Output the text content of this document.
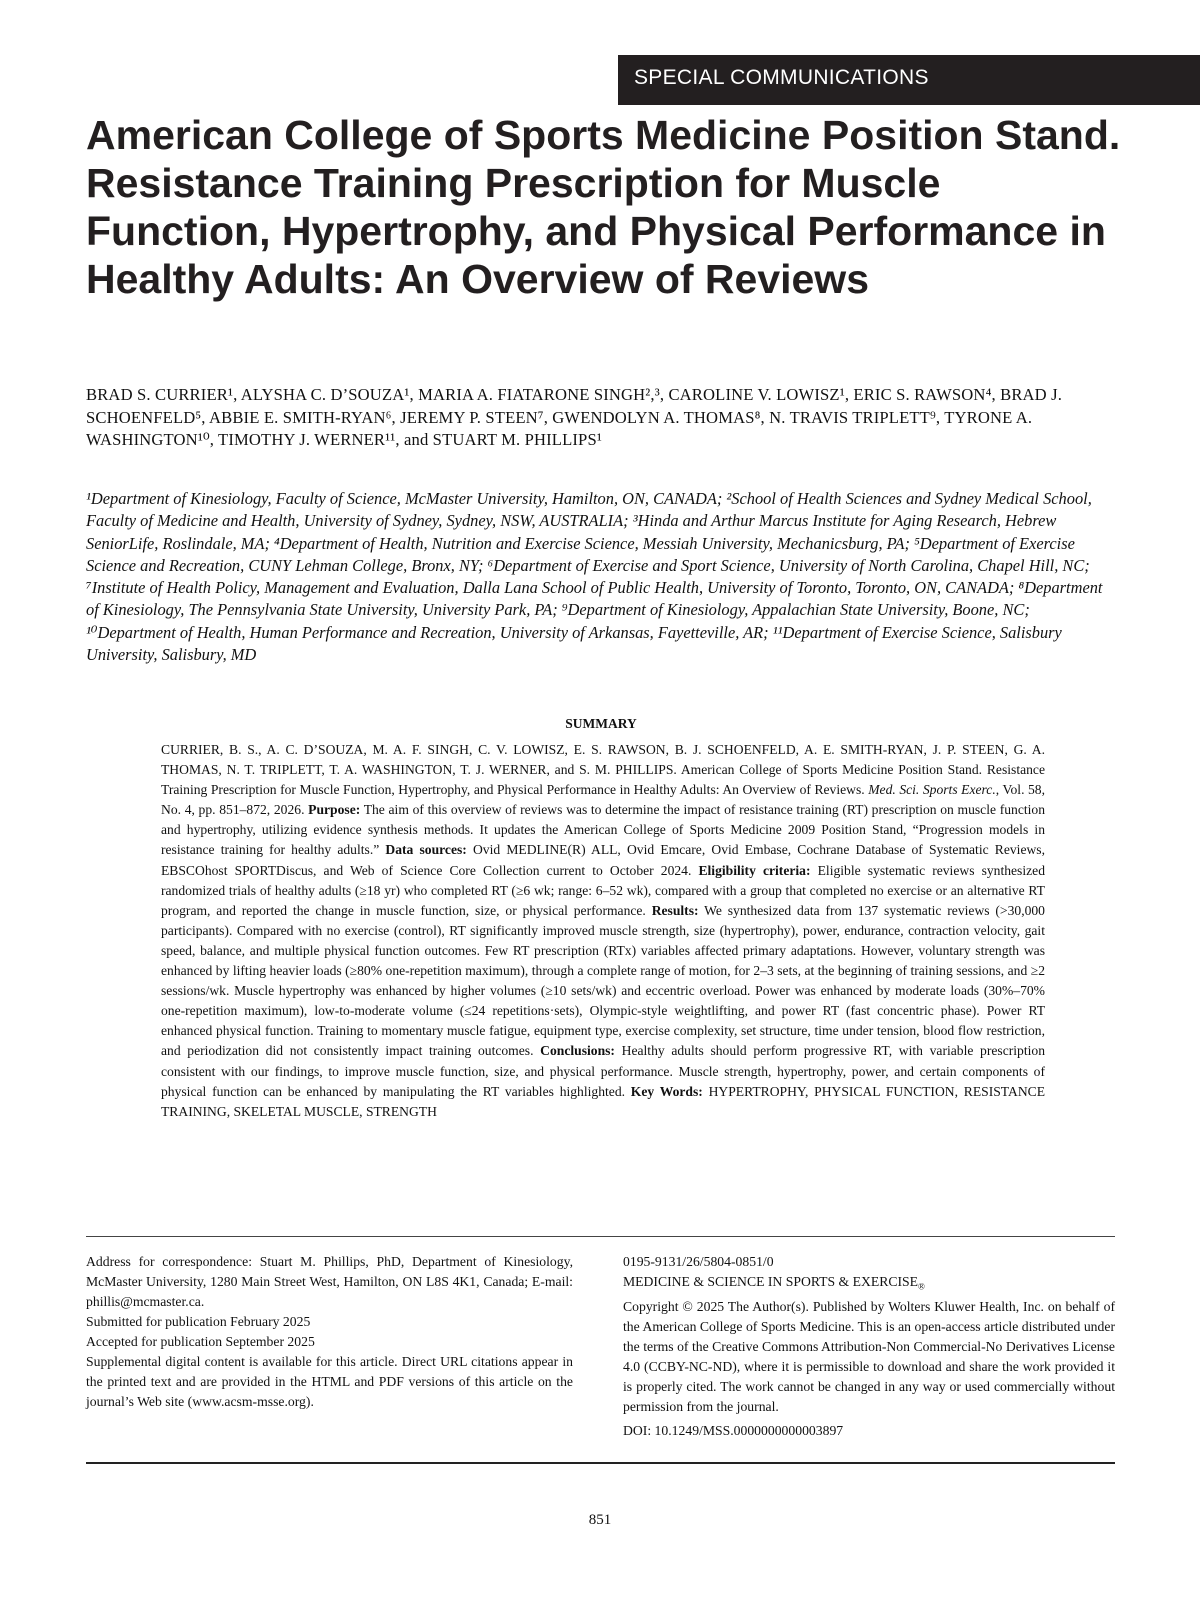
SPECIAL COMMUNICATIONS
American College of Sports Medicine Position Stand. Resistance Training Prescription for Muscle Function, Hypertrophy, and Physical Performance in Healthy Adults: An Overview of Reviews
BRAD S. CURRIER¹, ALYSHA C. D’SOUZA¹, MARIA A. FIATARONE SINGH²,³, CAROLINE V. LOWISZ¹, ERIC S. RAWSON⁴, BRAD J. SCHOENFELD⁵, ABBIE E. SMITH-RYAN⁶, JEREMY P. STEEN⁷, GWENDOLYN A. THOMAS⁸, N. TRAVIS TRIPLETT⁹, TYRONE A. WASHINGTON¹⁰, TIMOTHY J. WERNER¹¹, and STUART M. PHILLIPS¹
¹Department of Kinesiology, Faculty of Science, McMaster University, Hamilton, ON, CANADA; ²School of Health Sciences and Sydney Medical School, Faculty of Medicine and Health, University of Sydney, Sydney, NSW, AUSTRALIA; ³Hinda and Arthur Marcus Institute for Aging Research, Hebrew SeniorLife, Roslindale, MA; ⁴Department of Health, Nutrition and Exercise Science, Messiah University, Mechanicsburg, PA; ⁵Department of Exercise Science and Recreation, CUNY Lehman College, Bronx, NY; ⁶Department of Exercise and Sport Science, University of North Carolina, Chapel Hill, NC; ⁷Institute of Health Policy, Management and Evaluation, Dalla Lana School of Public Health, University of Toronto, Toronto, ON, CANADA; ⁸Department of Kinesiology, The Pennsylvania State University, University Park, PA; ⁹Department of Kinesiology, Appalachian State University, Boone, NC; ¹⁰Department of Health, Human Performance and Recreation, University of Arkansas, Fayetteville, AR; ¹¹Department of Exercise Science, Salisbury University, Salisbury, MD
SUMMARY
CURRIER, B. S., A. C. D’SOUZA, M. A. F. SINGH, C. V. LOWISZ, E. S. RAWSON, B. J. SCHOENFELD, A. E. SMITH-RYAN, J. P. STEEN, G. A. THOMAS, N. T. TRIPLETT, T. A. WASHINGTON, T. J. WERNER, and S. M. PHILLIPS. American College of Sports Medicine Position Stand. Resistance Training Prescription for Muscle Function, Hypertrophy, and Physical Performance in Healthy Adults: An Overview of Reviews. Med. Sci. Sports Exerc., Vol. 58, No. 4, pp. 851–872, 2026. Purpose: The aim of this overview of reviews was to determine the impact of resistance training (RT) prescription on muscle function and hypertrophy, utilizing evidence synthesis methods. It updates the American College of Sports Medicine 2009 Position Stand, “Progression models in resistance training for healthy adults.” Data sources: Ovid MEDLINE(R) ALL, Ovid Emcare, Ovid Embase, Cochrane Database of Systematic Reviews, EBSCOhost SPORTDiscus, and Web of Science Core Collection current to October 2024. Eligibility criteria: Eligible systematic reviews synthesized randomized trials of healthy adults (≥18 yr) who completed RT (≥6 wk; range: 6–52 wk), compared with a group that completed no exercise or an alternative RT program, and reported the change in muscle function, size, or physical performance. Results: We synthesized data from 137 systematic reviews (>30,000 participants). Compared with no exercise (control), RT significantly improved muscle strength, size (hypertrophy), power, endurance, contraction velocity, gait speed, balance, and multiple physical function outcomes. Few RT prescription (RTx) variables affected primary adaptations. However, voluntary strength was enhanced by lifting heavier loads (≥80% one-repetition maximum), through a complete range of motion, for 2–3 sets, at the beginning of training sessions, and ≥2 sessions/wk. Muscle hypertrophy was enhanced by higher volumes (≥10 sets/wk) and eccentric overload. Power was enhanced by moderate loads (30%–70% one-repetition maximum), low-to-moderate volume (≤24 repetitions·sets), Olympic-style weightlifting, and power RT (fast concentric phase). Power RT enhanced physical function. Training to momentary muscle fatigue, equipment type, exercise complexity, set structure, time under tension, blood flow restriction, and periodization did not consistently impact training outcomes. Conclusions: Healthy adults should perform progressive RT, with variable prescription consistent with our findings, to improve muscle function, size, and physical performance. Muscle strength, hypertrophy, power, and certain components of physical function can be enhanced by manipulating the RT variables highlighted. Key Words: HYPERTROPHY, PHYSICAL FUNCTION, RESISTANCE TRAINING, SKELETAL MUSCLE, STRENGTH

Address for correspondence: Stuart M. Phillips, PhD, Department of Kinesiology, McMaster University, 1280 Main Street West, Hamilton, ON L8S 4K1, Canada; E-mail: phillis@mcmaster.ca.

Submitted for publication February 2025

Accepted for publication September 2025

Supplemental digital content is available for this article. Direct URL citations appear in the printed text and are provided in the HTML and PDF versions of this article on the journal’s Web site (www.acsm-msse.org).

0195-9131/26/5804-0851/0

MEDICINE & SCIENCE IN SPORTS & $EXERCISE_®$

Copyright © 2025 The Author(s). Published by Wolters Kluwer Health, Inc. on behalf of the American College of Sports Medicine. This is an open-access article distributed under the terms of the Creative Commons Attribution-Non Commercial-No Derivatives License 4.0 (CCBY-NC-ND), where it is permissible to download and share the work provided it is properly cited. The work cannot be changed in any way or used commercially without permission from the journal.

DOI: 10.1249/MSS.0000000000003897

851
